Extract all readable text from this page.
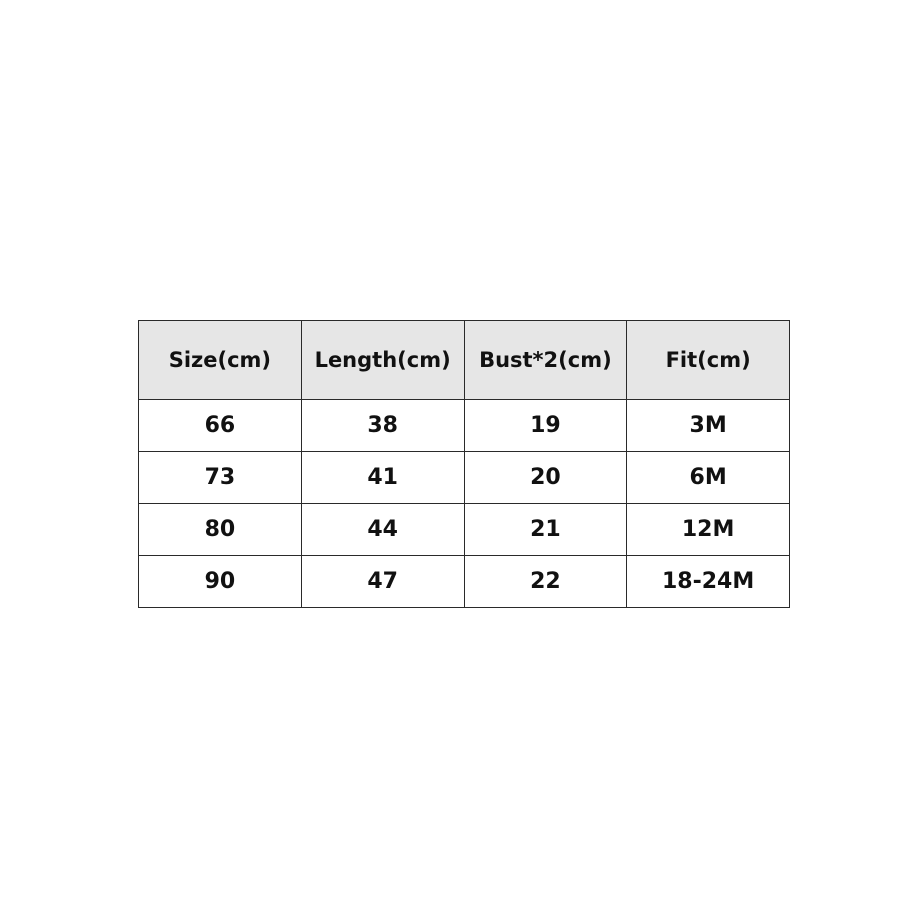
Size(cm)	Length(cm)	Bust*2(cm)	Fit(cm)
66	38	19	3M
73	41	20	6M
80	44	21	12M
90	47	22	18-24M
